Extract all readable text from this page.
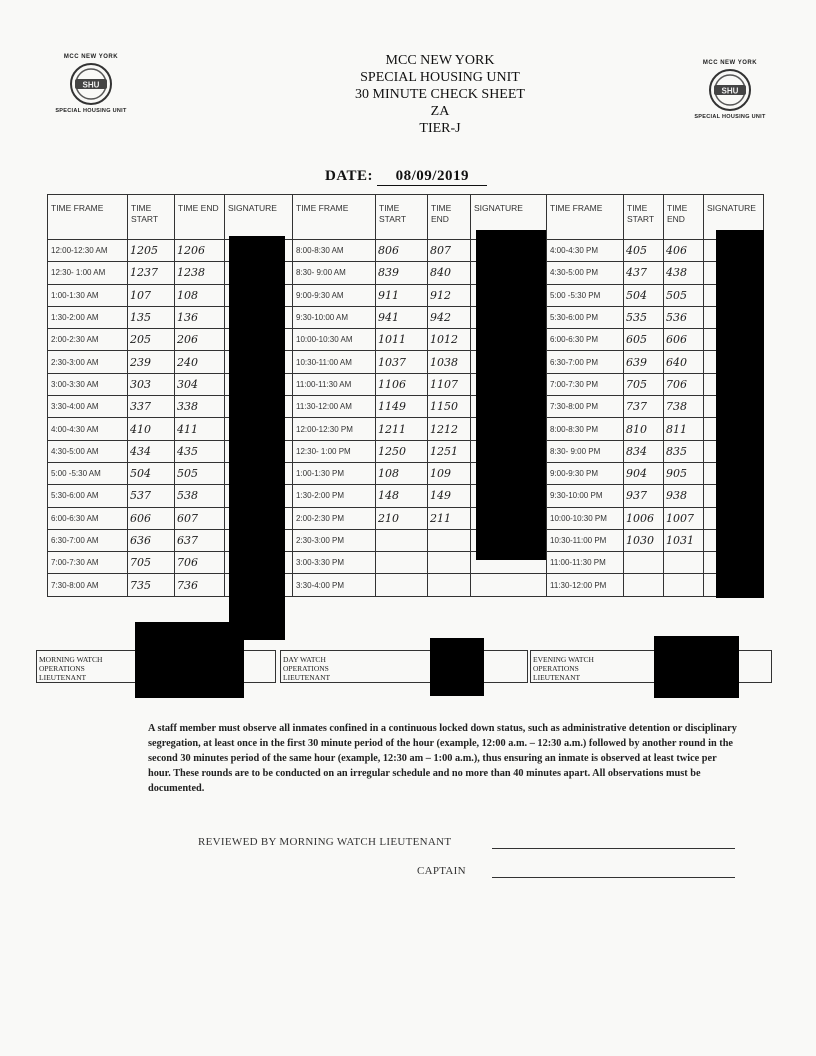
MCC NEW YORK
SHU
SPECIAL HOUSING UNIT
MCC NEW YORK
SHU
SPECIAL HOUSING UNIT
MCC NEW YORK
SPECIAL HOUSING UNIT
30 MINUTE CHECK SHEET
ZA
TIER-J
DATE: 08/09/2019
TIME FRAME	TIME START	TIME END	SIGNATURE	TIME FRAME	TIME START	TIME END	SIGNATURE	TIME FRAME	TIME START	TIME END	SIGNATURE
12:00-12:30 AM	1205	1206		8:00-8:30 AM	806	807		4:00-4:30 PM	405	406	
12:30- 1:00 AM	1237	1238		8:30- 9:00 AM	839	840		4:30-5:00 PM	437	438	
1:00-1:30 AM	107	108		9:00-9:30 AM	911	912		5:00 -5:30 PM	504	505	
1:30-2:00 AM	135	136		9:30-10:00 AM	941	942		5:30-6:00 PM	535	536	
2:00-2:30 AM	205	206		10:00-10:30 AM	1011	1012		6:00-6:30 PM	605	606	
2:30-3:00 AM	239	240		10:30-11:00 AM	1037	1038		6:30-7:00 PM	639	640	
3:00-3:30 AM	303	304		11:00-11:30 AM	1106	1107		7:00-7:30 PM	705	706	
3:30-4:00 AM	337	338		11:30-12:00 AM	1149	1150		7:30-8:00 PM	737	738	
4:00-4:30 AM	410	411		12:00-12:30 PM	1211	1212		8:00-8:30 PM	810	811	
4:30-5:00 AM	434	435		12:30- 1:00 PM	1250	1251		8:30- 9:00 PM	834	835	
5:00 -5:30 AM	504	505		1:00-1:30 PM	108	109		9:00-9:30 PM	904	905	
5:30-6:00 AM	537	538		1:30-2:00 PM	148	149		9:30-10:00 PM	937	938	
6:00-6:30 AM	606	607		2:00-2:30 PM	210	211		10:00-10:30 PM	1006	1007	
6:30-7:00 AM	636	637		2:30-3:00 PM				10:30-11:00 PM	1030	1031	
7:00-7:30 AM	705	706		3:00-3:30 PM				11:00-11:30 PM			
7:30-8:00 AM	735	736		3:30-4:00 PM				11:30-12:00 PM			
MORNING WATCH OPERATIONS LIEUTENANT
DAY WATCH OPERATIONS LIEUTENANT
EVENING WATCH OPERATIONS LIEUTENANT
A staff member must observe all inmates confined in a continuous locked down status, such as administrative detention or disciplinary segregation, at least once in the first 30 minute period of the hour (example, 12:00 a.m. – 12:30 a.m.) followed by another round in the second 30 minutes period of the same hour (example, 12:30 am – 1:00 a.m.), thus ensuring an inmate is observed at least twice per hour. These rounds are to be conducted on an irregular schedule and no more than 40 minutes apart. All observations must be documented.
REVIEWED BY MORNING WATCH LIEUTENANT
CAPTAIN
